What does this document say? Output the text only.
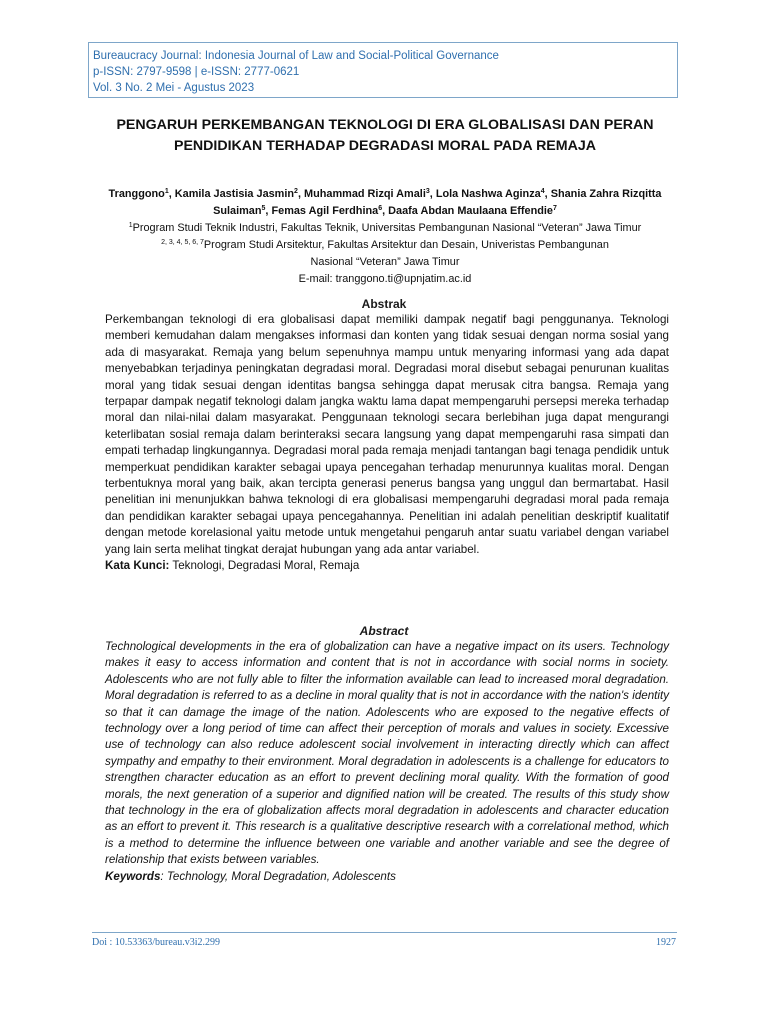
Bureaucracy Journal: Indonesia Journal of Law and Social-Political Governance
p-ISSN: 2797-9598 | e-ISSN: 2777-0621
Vol. 3 No. 2 Mei - Agustus 2023
PENGARUH PERKEMBANGAN TEKNOLOGI DI ERA GLOBALISASI DAN PERAN
PENDIDIKAN TERHADAP DEGRADASI MORAL PADA REMAJA
Tranggono$^1$, Kamila Jastisia Jasmin$^2$, Muhammad Rizqi Amali$^3$, Lola Nashwa Aginza$^4$, Shania Zahra Rizqitta Sulaiman$^5$, Femas Agil Ferdhina$^6$, Daafa Abdan Maulaana Effendie$^7$
$^1$Program Studi Teknik Industri, Fakultas Teknik, Universitas Pembangunan Nasional “Veteran” Jawa Timur
$^{2, 3, 4, 5, 6, 7}$Program Studi Arsitektur, Fakultas Arsitektur dan Desain, Univeristas Pembangunan
Nasional “Veteran” Jawa Timur
E-mail: tranggono.ti@upnjatim.ac.id
Abstrak
Perkembangan teknologi di era globalisasi dapat memiliki dampak negatif bagi penggunanya. Teknologi memberi kemudahan dalam mengakses informasi dan konten yang tidak sesuai dengan norma sosial yang ada di masyarakat. Remaja yang belum sepenuhnya mampu untuk menyaring informasi yang ada dapat menyebabkan terjadinya peningkatan degradasi moral. Degradasi moral disebut sebagai penurunan kualitas moral yang tidak sesuai dengan identitas bangsa sehingga dapat merusak citra bangsa. Remaja yang terpapar dampak negatif teknologi dalam jangka waktu lama dapat mempengaruhi persepsi mereka terhadap moral dan nilai-nilai dalam masyarakat. Penggunaan teknologi secara berlebihan juga dapat mengurangi keterlibatan sosial remaja dalam berinteraksi secara langsung yang dapat mempengaruhi rasa simpati dan empati terhadap lingkungannya. Degradasi moral pada remaja menjadi tantangan bagi tenaga pendidik untuk memperkuat pendidikan karakter sebagai upaya pencegahan terhadap menurunnya kualitas moral. Dengan terbentuknya moral yang baik, akan tercipta generasi penerus bangsa yang unggul dan bermartabat. Hasil penelitian ini menunjukkan bahwa teknologi di era globalisasi mempengaruhi degradasi moral pada remaja dan pendidikan karakter sebagai upaya pencegahannya. Penelitian ini adalah penelitian deskriptif kualitatif dengan metode korelasional yaitu metode untuk mengetahui pengaruh antar suatu variabel dengan variabel yang lain serta melihat tingkat derajat hubungan yang ada antar variabel.
Kata Kunci: Teknologi, Degradasi Moral, Remaja
Abstract
Technological developments in the era of globalization can have a negative impact on its users. Technology makes it easy to access information and content that is not in accordance with social norms in society. Adolescents who are not fully able to filter the information available can lead to increased moral degradation. Moral degradation is referred to as a decline in moral quality that is not in accordance with the nation's identity so that it can damage the image of the nation. Adolescents who are exposed to the negative effects of technology over a long period of time can affect their perception of morals and values in society. Excessive use of technology can also reduce adolescent social involvement in interacting directly which can affect sympathy and empathy to their environment. Moral degradation in adolescents is a challenge for educators to strengthen character education as an effort to prevent declining moral quality. With the formation of good morals, the next generation of a superior and dignified nation will be created. The results of this study show that technology in the era of globalization affects moral degradation in adolescents and character education as an effort to prevent it. This research is a qualitative descriptive research with a correlational method, which is a method to determine the influence between one variable and another variable and see the degree of relationship that exists between variables.
Keywords: Technology, Moral Degradation, Adolescents
Doi : 10.53363/bureau.v3i2.299	1927
